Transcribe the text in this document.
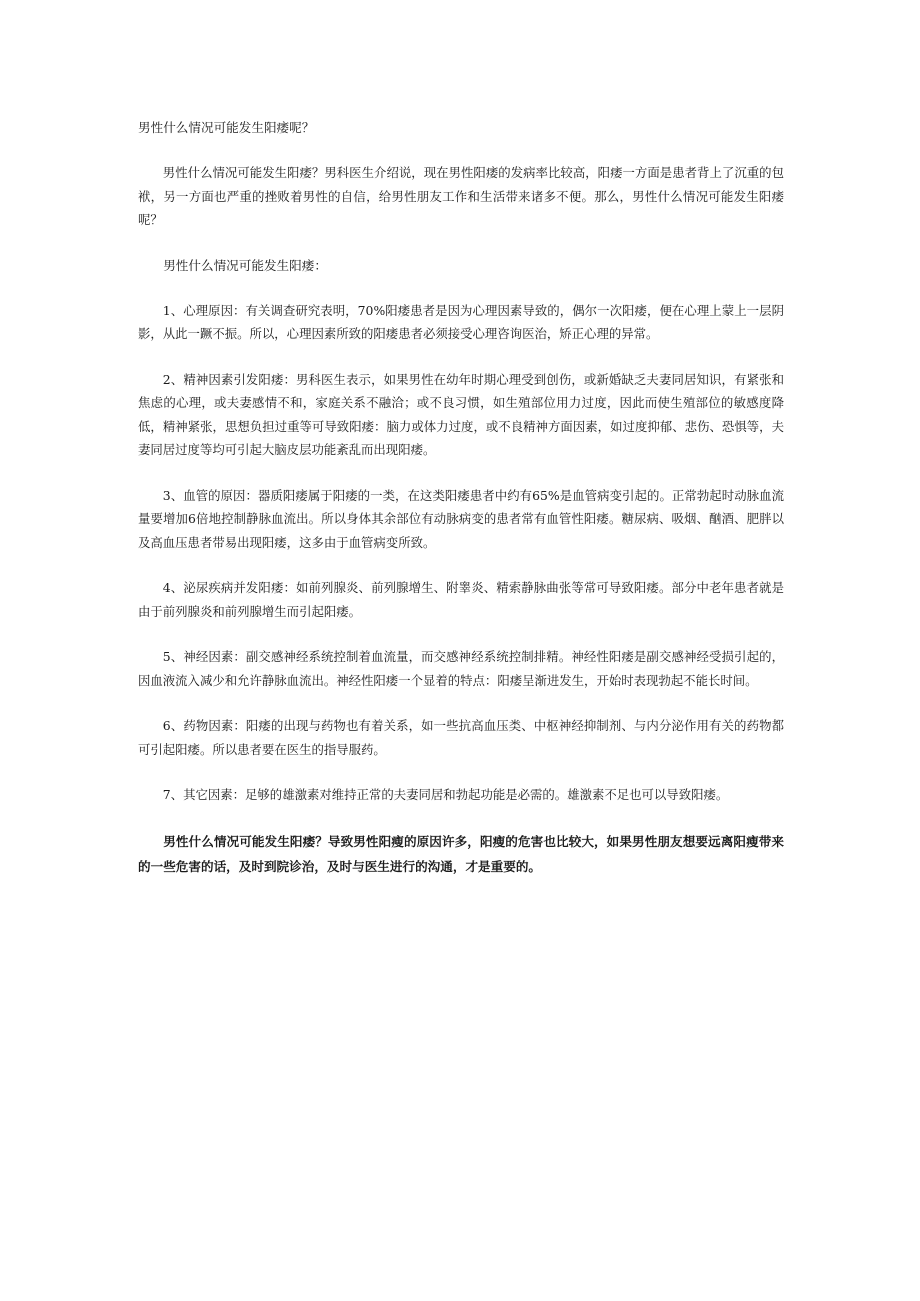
男性什么情况可能发生阳痿呢？

男性什么情况可能发生阳痿？男科医生介绍说，现在男性阳痿的发病率比较高，阳痿一方面是患者背上了沉重的包袱，另一方面也严重的挫败着男性的自信，给男性朋友工作和生活带来诸多不便。那么，男性什么情况可能发生阳痿呢？

男性什么情况可能发生阳痿：

1、心理原因：有关调查研究表明，70%阳痿患者是因为心理因素导致的，偶尔一次阳痿，便在心理上蒙上一层阴影，从此一蹶不振。所以，心理因素所致的阳痿患者必须接受心理咨询医治，矫正心理的异常。

2、精神因素引发阳痿：男科医生表示，如果男性在幼年时期心理受到创伤，或新婚缺乏夫妻同居知识，有紧张和焦虑的心理，或夫妻感情不和，家庭关系不融洽；或不良习惯，如生殖部位用力过度，因此而使生殖部位的敏感度降低，精神紧张，思想负担过重等可导致阳痿：脑力或体力过度，或不良精神方面因素，如过度抑郁、悲伤、恐惧等，夫妻同居过度等均可引起大脑皮层功能紊乱而出现阳痿。

3、血管的原因：器质阳痿属于阳痿的一类，在这类阳痿患者中约有65%是血管病变引起的。正常勃起时动脉血流量要增加6倍地控制静脉血流出。所以身体其余部位有动脉病变的患者常有血管性阳痿。糖尿病、吸烟、酗酒、肥胖以及高血压患者带易出现阳痿，这多由于血管病变所致。

4、泌尿疾病并发阳痿：如前列腺炎、前列腺增生、附睾炎、精索静脉曲张等常可导致阳痿。部分中老年患者就是由于前列腺炎和前列腺增生而引起阳痿。

5、神经因素：副交感神经系统控制着血流量，而交感神经系统控制排精。神经性阳痿是副交感神经受损引起的，因血液流入减少和允许静脉血流出。神经性阳痿一个显着的特点：阳痿呈渐进发生，开始时表现勃起不能长时间。

6、药物因素：阳痿的出现与药物也有着关系，如一些抗高血压类、中枢神经抑制剂、与内分泌作用有关的药物都可引起阳痿。所以患者要在医生的指导服药。

7、其它因素：足够的雄激素对维持正常的夫妻同居和勃起功能是必需的。雄激素不足也可以导致阳痿。

男性什么情况可能发生阳痿？导致男性阳瘦的原因许多，阳瘦的危害也比较大，如果男性朋友想要远离阳瘦带来的一些危害的话，及时到院诊治，及时与医生进行的沟通，才是重要的。
